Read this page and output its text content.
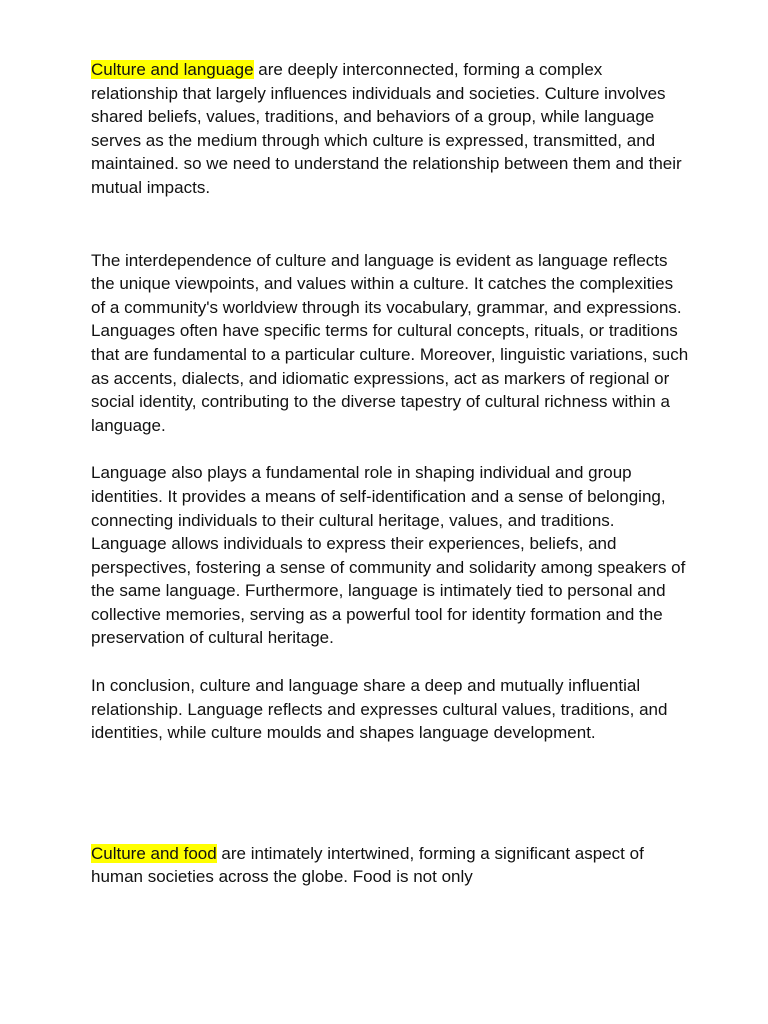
Culture and language are deeply interconnected, forming a complex relationship that largely influences individuals and societies. Culture involves shared beliefs, values, traditions, and behaviors of a group, while language serves as the medium through which culture is expressed, transmitted, and maintained. so we need to understand the relationship between them and their mutual impacts.

The interdependence of culture and language is evident as language reflects the unique viewpoints, and values within a culture. It catches the complexities of a community's worldview through its vocabulary, grammar, and expressions. Languages often have specific terms for cultural concepts, rituals, or traditions that are fundamental to a particular culture. Moreover, linguistic variations, such as accents, dialects, and idiomatic expressions, act as markers of regional or social identity, contributing to the diverse tapestry of cultural richness within a language.

Language also plays a fundamental role in shaping individual and group identities. It provides a means of self-identification and a sense of belonging, connecting individuals to their cultural heritage, values, and traditions. Language allows individuals to express their experiences, beliefs, and perspectives, fostering a sense of community and solidarity among speakers of the same language. Furthermore, language is intimately tied to personal and collective memories, serving as a powerful tool for identity formation and the preservation of cultural heritage.

In conclusion, culture and language share a deep and mutually influential relationship. Language reflects and expresses cultural values, traditions, and identities, while culture moulds and shapes language development.

Culture and food are intimately intertwined, forming a significant aspect of human societies across the globe. Food is not only
